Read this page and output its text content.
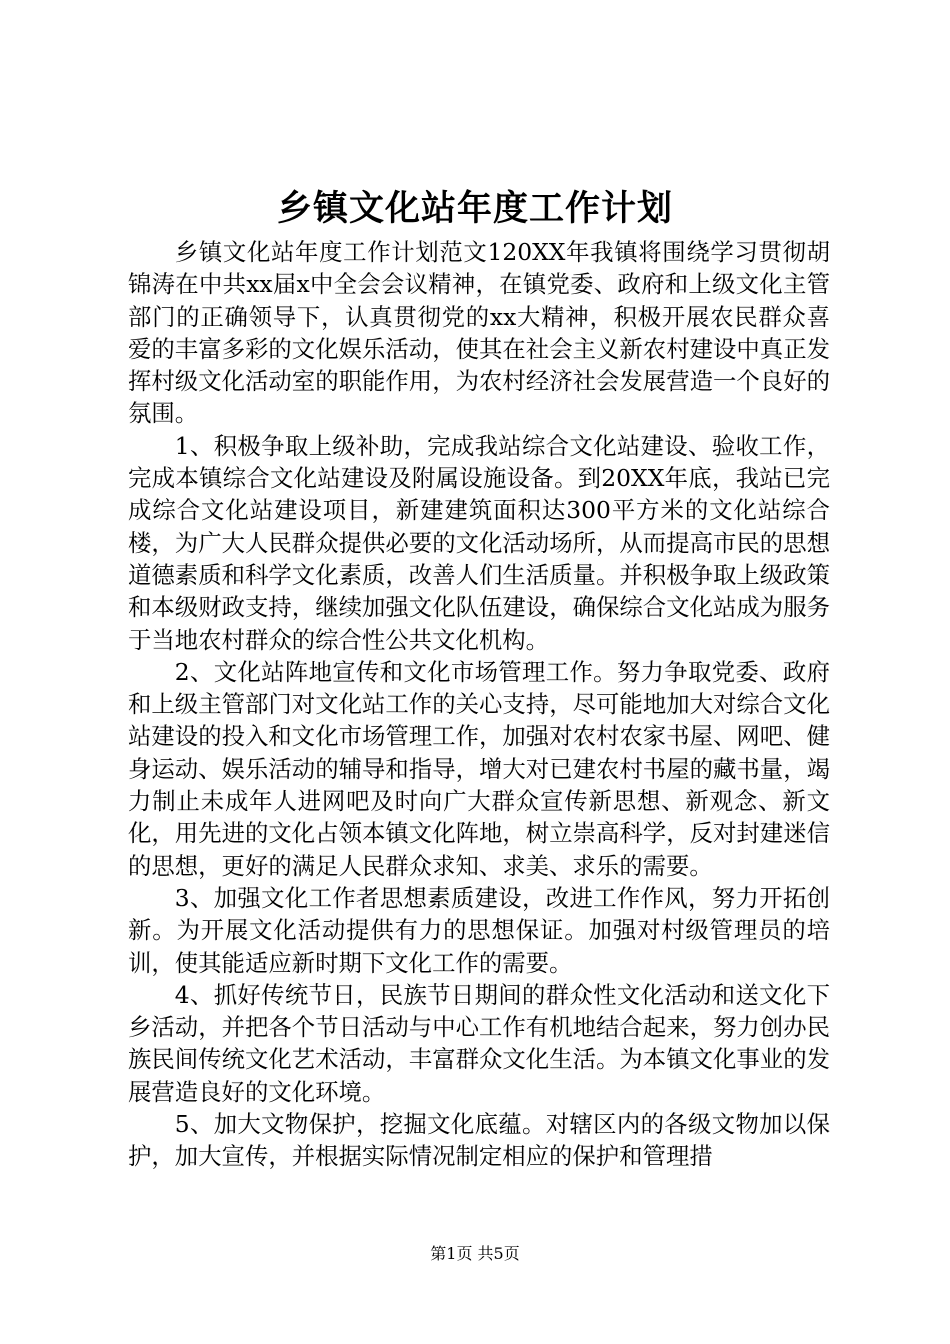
乡镇文化站年度工作计划

乡镇文化站年度工作计划范文120XX年我镇将围绕学习贯彻胡锦涛在中共xx届x中全会会议精神，在镇党委、政府和上级文化主管部门的正确领导下，认真贯彻党的xx大精神，积极开展农民群众喜爱的丰富多彩的文化娱乐活动，使其在社会主义新农村建设中真正发挥村级文化活动室的职能作用，为农村经济社会发展营造一个良好的氛围。

1、积极争取上级补助，完成我站综合文化站建设、验收工作，完成本镇综合文化站建设及附属设施设备。到20XX年底，我站已完成综合文化站建设项目，新建建筑面积达300平方米的文化站综合楼，为广大人民群众提供必要的文化活动场所，从而提高市民的思想道德素质和科学文化素质，改善人们生活质量。并积极争取上级政策和本级财政支持，继续加强文化队伍建设，确保综合文化站成为服务于当地农村群众的综合性公共文化机构。

2、文化站阵地宣传和文化市场管理工作。努力争取党委、政府和上级主管部门对文化站工作的关心支持，尽可能地加大对综合文化站建设的投入和文化市场管理工作，加强对农村农家书屋、网吧、健身运动、娱乐活动的辅导和指导，增大对已建农村书屋的藏书量，竭力制止未成年人进网吧及时向广大群众宣传新思想、新观念、新文化，用先进的文化占领本镇文化阵地，树立崇高科学，反对封建迷信的思想，更好的满足人民群众求知、求美、求乐的需要。

3、加强文化工作者思想素质建设，改进工作作风，努力开拓创新。为开展文化活动提供有力的思想保证。加强对村级管理员的培训，使其能适应新时期下文化工作的需要。

4、抓好传统节日，民族节日期间的群众性文化活动和送文化下乡活动，并把各个节日活动与中心工作有机地结合起来，努力创办民族民间传统文化艺术活动，丰富群众文化生活。为本镇文化事业的发展营造良好的文化环境。

5、加大文物保护，挖掘文化底蕴。对辖区内的各级文物加以保护，加大宣传，并根据实际情况制定相应的保护和管理措

第1页 共5页
